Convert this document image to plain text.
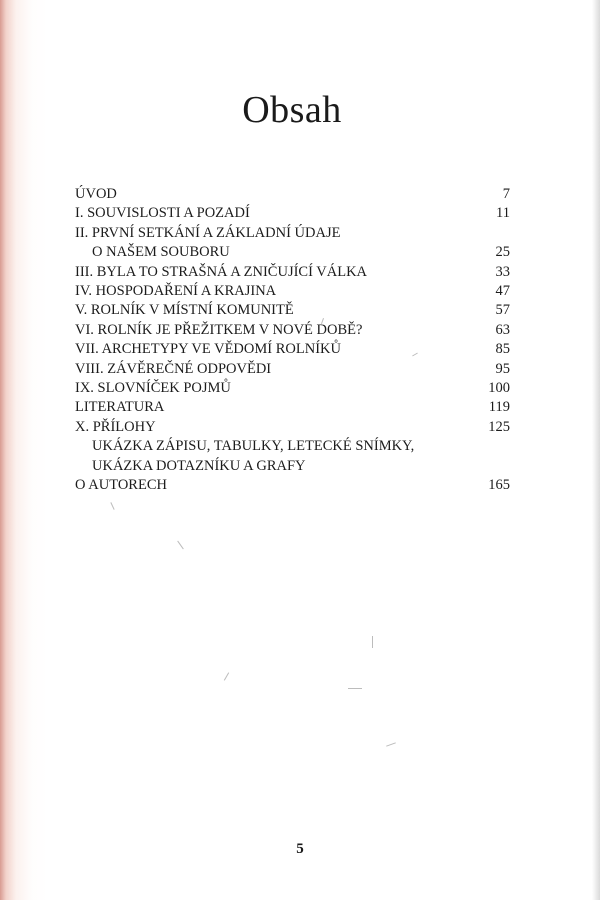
Obsah
ÚVOD	7
I. SOUVISLOSTI A POZADÍ	11
II. PRVNÍ SETKÁNÍ A ZÁKLADNÍ ÚDAJE
O NAŠEM SOUBORU	25
III. BYLA TO STRAŠNÁ A ZNIČUJÍCÍ VÁLKA	33
IV. HOSPODAŘENÍ A KRAJINA	47
V. ROLNÍK V MÍSTNÍ KOMUNITĚ	57
VI. ROLNÍK JE PŘEŽITKEM V NOVÉ DOBĚ?	63
VII. ARCHETYPY VE VĚDOMÍ ROLNÍKŮ	85
VIII. ZÁVĚREČNÉ ODPOVĚDI	95
IX. SLOVNÍČEK POJMŮ	100
LITERATURA	119
X. PŘÍLOHY	125
UKÁZKA ZÁPISU, TABULKY, LETECKÉ SNÍMKY,
UKÁZKA DOTAZNÍKU A GRAFY
O AUTORECH	165
5
